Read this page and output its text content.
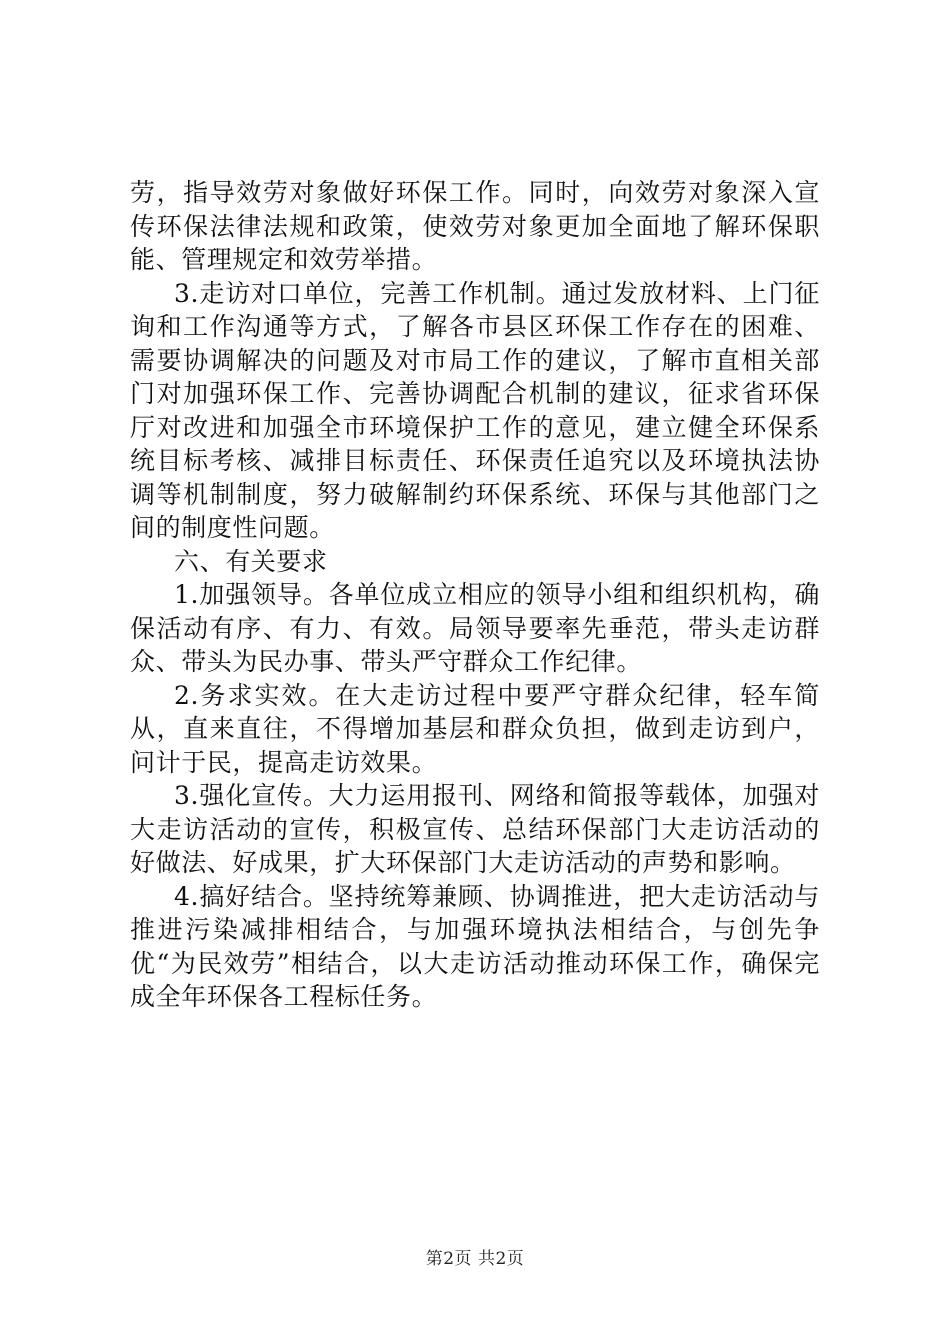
劳，指导效劳对象做好环保工作。同时，向效劳对象深入宣传环保法律法规和政策，使效劳对象更加全面地了解环保职能、管理规定和效劳举措。

3.走访对口单位，完善工作机制。通过发放材料、上门征询和工作沟通等方式，了解各市县区环保工作存在的困难、需要协调解决的问题及对市局工作的建议，了解市直相关部门对加强环保工作、完善协调配合机制的建议，征求省环保厅对改进和加强全市环境保护工作的意见，建立健全环保系统目标考核、减排目标责任、环保责任追究以及环境执法协调等机制制度，努力破解制约环保系统、环保与其他部门之间的制度性问题。

六、有关要求

1.加强领导。各单位成立相应的领导小组和组织机构，确保活动有序、有力、有效。局领导要率先垂范，带头走访群众、带头为民办事、带头严守群众工作纪律。

2.务求实效。在大走访过程中要严守群众纪律，轻车简从，直来直往，不得增加基层和群众负担，做到走访到户，问计于民，提高走访效果。

3.强化宣传。大力运用报刊、网络和简报等载体，加强对大走访活动的宣传，积极宣传、总结环保部门大走访活动的好做法、好成果，扩大环保部门大走访活动的声势和影响。

4.搞好结合。坚持统筹兼顾、协调推进，把大走访活动与推进污染减排相结合，与加强环境执法相结合，与创先争优“为民效劳”相结合，以大走访活动推动环保工作，确保完成全年环保各工程标任务。

第2页 共2页
